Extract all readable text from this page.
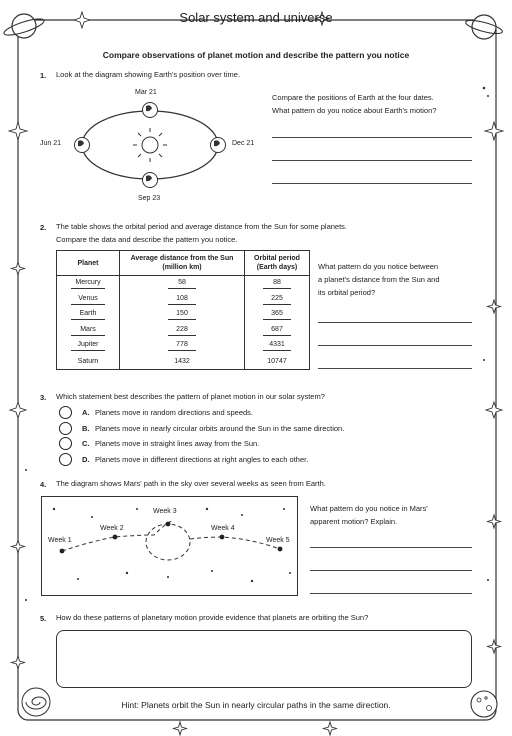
Solar system and universe
Compare observations of planet motion and describe the pattern you notice
1. Look at the diagram showing Earth's position over time.
Mar 21
Jun 21	Dec 21
Sep 23
Compare the positions of Earth at the four dates.
What pattern do you notice about Earth's motion?
2. The table shows the orbital period and average distance from the Sun for some planets.
Compare the data and describe the pattern you notice.
Planet	Average distance from the Sun (million km)	Orbital period (Earth days)
Mercury	58	88
Venus	108	225
Earth	150	365
Mars	228	687
Jupiter	778	4331
Saturn	1432	10747
What pattern do you notice between
a planet's distance from the Sun and
its orbital period?
3. Which statement best describes the pattern of planet motion in our solar system?
A. Planets move in random directions and speeds.
B. Planets move in nearly circular orbits around the Sun in the same direction.
C. Planets move in straight lines away from the Sun.
D. Planets move in different directions at right angles to each other.
4. The diagram shows Mars' path in the sky over several weeks as seen from Earth.
Week 1
Week 2
Week 3
Week 4
Week 5
What pattern do you notice in Mars'
apparent motion? Explain.
5. How do these patterns of planetary motion provide evidence that planets are orbiting the Sun?
Hint: Planets orbit the Sun in nearly circular paths in the same direction.
